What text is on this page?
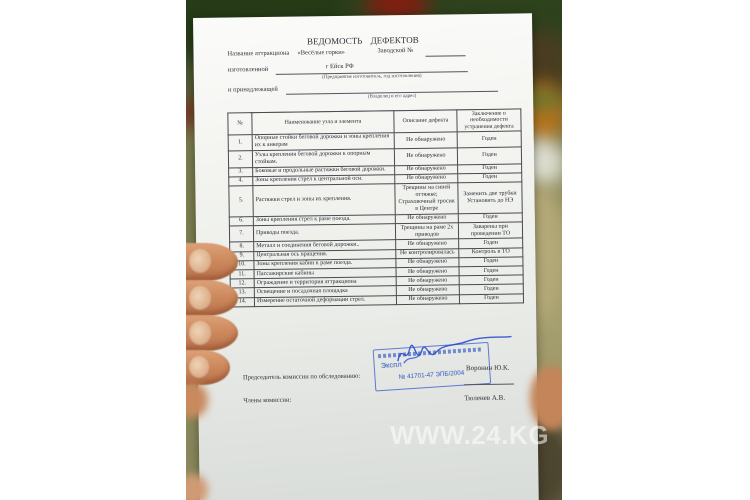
ВЕДОМОСТЬ ДЕФЕКТОВ
Название аттракциона «Весёлые горки»	Заводской №
изготовленной	г Ейск РФ
(Предприятие изготовитель, год изготовления)
и принадлежащей
(Владелец и его адрес)
№	Наименование узла и элемента	Описание дефекта	Заключение о необходимости устранения дефекта
1.	Опорные стойки беговой дорожки и зоны крепления их к анкерам	Не обнаружено	Годен
2.	Узлы крепления беговой дорожки к опорным стойкам.	Не обнаружено	Годен
3.	Боковые и продольные растяжки беговой дорожки.	Не обнаружено	Годен
4.	Зоны крепления стрел к центральной оси.	Не обнаружено	Годен
5.	Растяжки стрел и зоны их крепления.	Трещины на синей оттяжке; Страховочный тросик в Центре	Заменить две трубки Установить до НЭ
6.	Зоны крепления стрел к раме поезда.	Не обнаружено	Годен
7.	Приводы поезда.	Трещины на раме 2х приводов	Заварены при проведении ТО
8.	Металл и соединения беговой дорожки..	Не обнаружено	Годен
9.	Центральная ось вращения.	Не контролировалась	Контроль в ТО
10.	Зоны крепления кабин к раме поезда.	Не обнаружено	Годен
11.	Пассажирские кабины	Не обнаружено	Годен
12.	Ограждение и территория аттракциона	Не обнаружено	Годен
13.	Освещение и посадочная площадка	Не обнаружено	Годен
14.	Измерение остаточной деформации стрел.	Не обнаружено	Годен
Председатель комиссии по обследованию:
Экспл
№ 41701-47 ЭПБ/2004
Воронин Ю.К.
Члены комиссии:	Тюленев А.В.
WWW.24.KG
